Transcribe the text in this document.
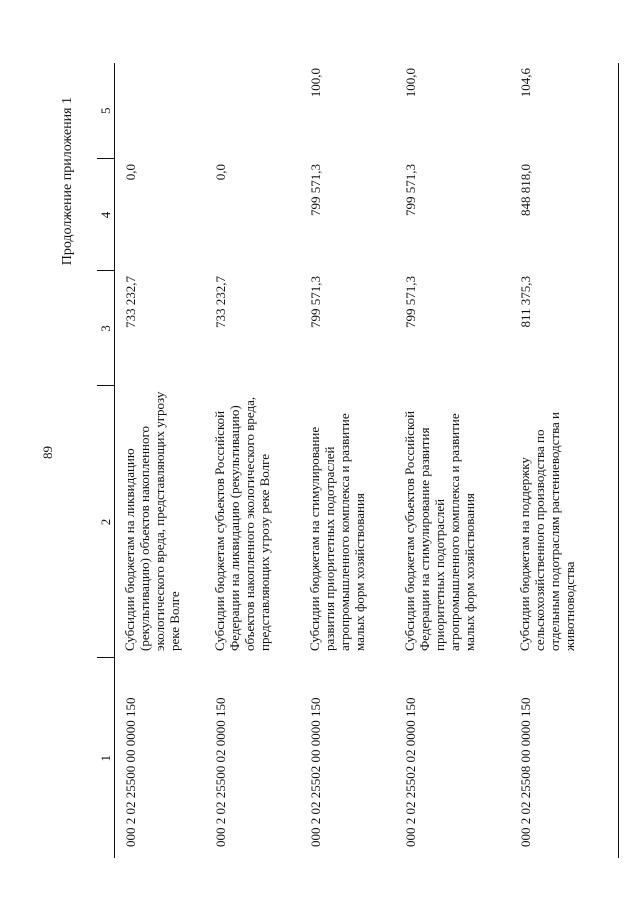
89
Продолжение приложения 1
1	2	3	4	5
000 2 02 25500 00 0000 150	Субсидии бюджетам на ликвидацию (рекультивацию) объектов накопленного экологического вреда, представляющих угрозу реке Волге	733 232,7	0,0	
000 2 02 25500 02 0000 150	Субсидии бюджетам субъектов Российской Федерации на ликвидацию (рекультивацию) объектов накопленного экологического вреда, представляющих угрозу реке Волге	733 232,7	0,0	
000 2 02 25502 00 0000 150	Субсидии бюджетам на стимулирование развития приоритетных подотраслей агропромышленного комплекса и развитие малых форм хозяйствования	799 571,3	799 571,3	100,0
000 2 02 25502 02 0000 150	Субсидии бюджетам субъектов Российской Федерации на стимулирование развития приоритетных подотраслей агропромышленного комплекса и развитие малых форм хозяйствования	799 571,3	799 571,3	100,0
000 2 02 25508 00 0000 150	Субсидии бюджетам на поддержку сельскохозяйственного производства по отдельным подотраслям растениеводства и животноводства	811 375,3	848 818,0	104,6
